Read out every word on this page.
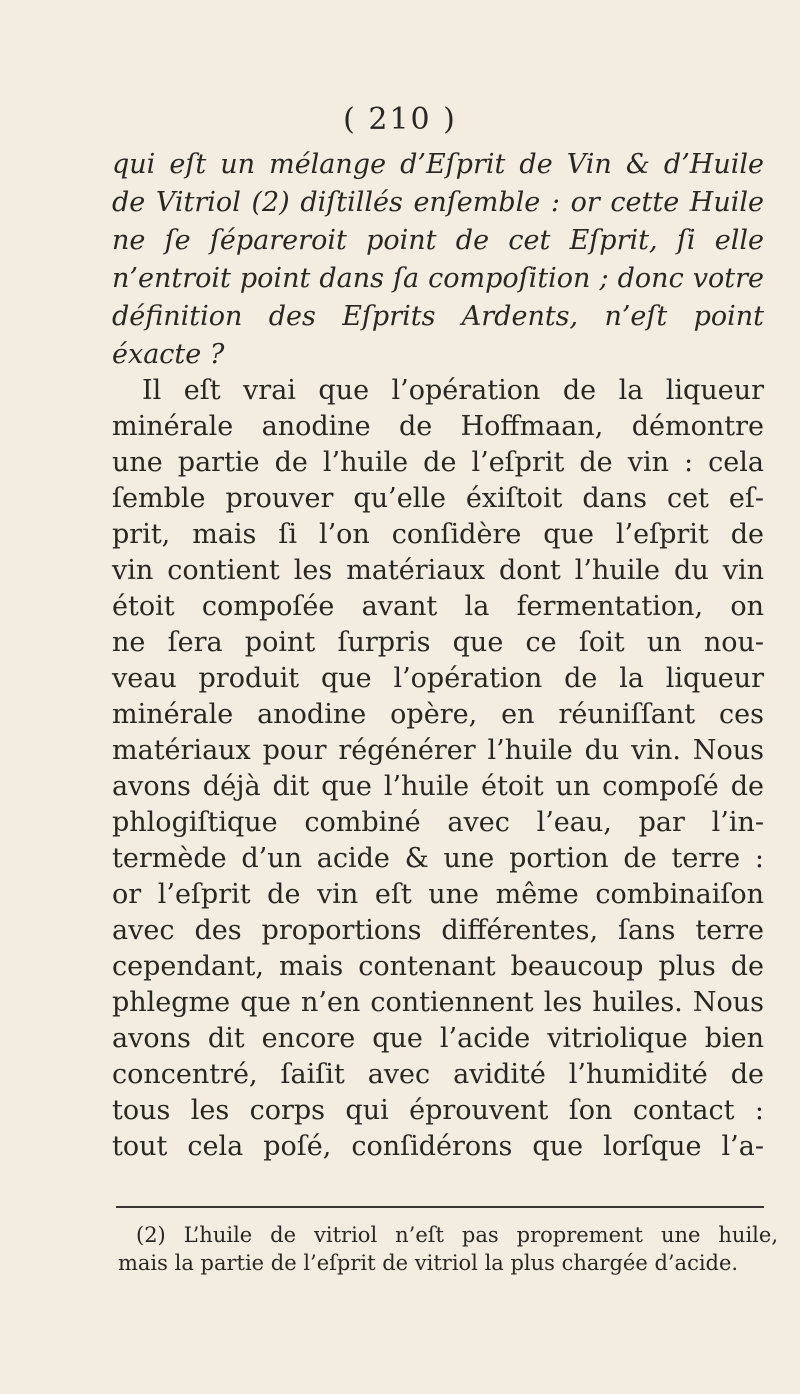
( 210 )
qui eſt un mélange d’Eſprit de Vin & d’Huile
de Vitriol (2) diſtillés enſemble : or cette Huile
ne ſe ſépareroit point de cet Eſprit, ſi elle
n’entroit point dans ſa compoſition ; donc votre
définition des Eſprits Ardents, n’eſt point
éxacte ?
Il eſt vrai que l’opération de la liqueur
minérale anodine de Hoffmaan, démontre
une partie de l’huile de l’eſprit de vin : cela
ſemble prouver qu’elle éxiſtoit dans cet eſ-
prit, mais ſi l’on conſidère que l’eſprit de
vin contient les matériaux dont l’huile du vin
étoit compoſée avant la fermentation, on
ne ſera point ſurpris que ce ſoit un nou-
veau produit que l’opération de la liqueur
minérale anodine opère, en réuniſſant ces
matériaux pour régénérer l’huile du vin. Nous
avons déjà dit que l’huile étoit un compoſé de
phlogiſtique combiné avec l’eau, par l’in-
termède d’un acide & une portion de terre :
or l’eſprit de vin eſt une même combinaiſon
avec des proportions différentes, ſans terre
cependant, mais contenant beaucoup plus de
phlegme que n’en contiennent les huiles. Nous
avons dit encore que l’acide vitriolique bien
concentré, ſaiſit avec avidité l’humidité de
tous les corps qui éprouvent ſon contact :
tout cela poſé, conſidérons que lorſque l’a-
(2) L’huile de vitriol n’eſt pas proprement une huile,
mais la partie de l’eſprit de vitriol la plus chargée d’acide.
